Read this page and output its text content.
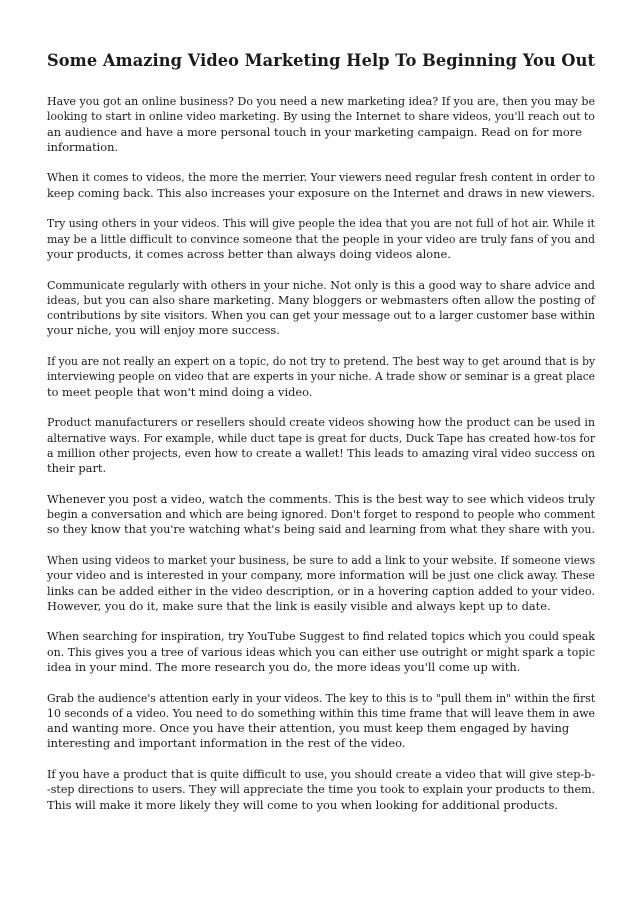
Some Amazing Video Marketing Help To Beginning You Out

Have you got an online business? Do you need a new marketing idea? If you are, then you may be
looking to start in online video marketing. By using the Internet to share videos, you'll reach out to
an audience and have a more personal touch in your marketing campaign. Read on for more
information.

When it comes to videos, the more the merrier. Your viewers need regular fresh content in order to
keep coming back. This also increases your exposure on the Internet and draws in new viewers.

Try using others in your videos. This will give people the idea that you are not full of hot air. While it
may be a little difficult to convince someone that the people in your video are truly fans of you and
your products, it comes across better than always doing videos alone.

Communicate regularly with others in your niche. Not only is this a good way to share advice and
ideas, but you can also share marketing. Many bloggers or webmasters often allow the posting of
contributions by site visitors. When you can get your message out to a larger customer base within
your niche, you will enjoy more success.

If you are not really an expert on a topic, do not try to pretend. The best way to get around that is by
interviewing people on video that are experts in your niche. A trade show or seminar is a great place
to meet people that won't mind doing a video.

Product manufacturers or resellers should create videos showing how the product can be used in
alternative ways. For example, while duct tape is great for ducts, Duck Tape has created how-tos for
a million other projects, even how to create a wallet! This leads to amazing viral video success on
their part.

Whenever you post a video, watch the comments. This is the best way to see which videos truly
begin a conversation and which are being ignored. Don't forget to respond to people who comment
so they know that you're watching what's being said and learning from what they share with you.

When using videos to market your business, be sure to add a link to your website. If someone views
your video and is interested in your company, more information will be just one click away. These
links can be added either in the video description, or in a hovering caption added to your video.
However, you do it, make sure that the link is easily visible and always kept up to date.

When searching for inspiration, try YouTube Suggest to find related topics which you could speak
on. This gives you a tree of various ideas which you can either use outright or might spark a topic
idea in your mind. The more research you do, the more ideas you'll come up with.

Grab the audience's attention early in your videos. The key to this is to "pull them in" within the first
10 seconds of a video. You need to do something within this time frame that will leave them in awe
and wanting more. Once you have their attention, you must keep them engaged by having
interesting and important information in the rest of the video.

If you have a product that is quite difficult to use, you should create a video that will give step-b-
-step directions to users. They will appreciate the time you took to explain your products to them.
This will make it more likely they will come to you when looking for additional products.
